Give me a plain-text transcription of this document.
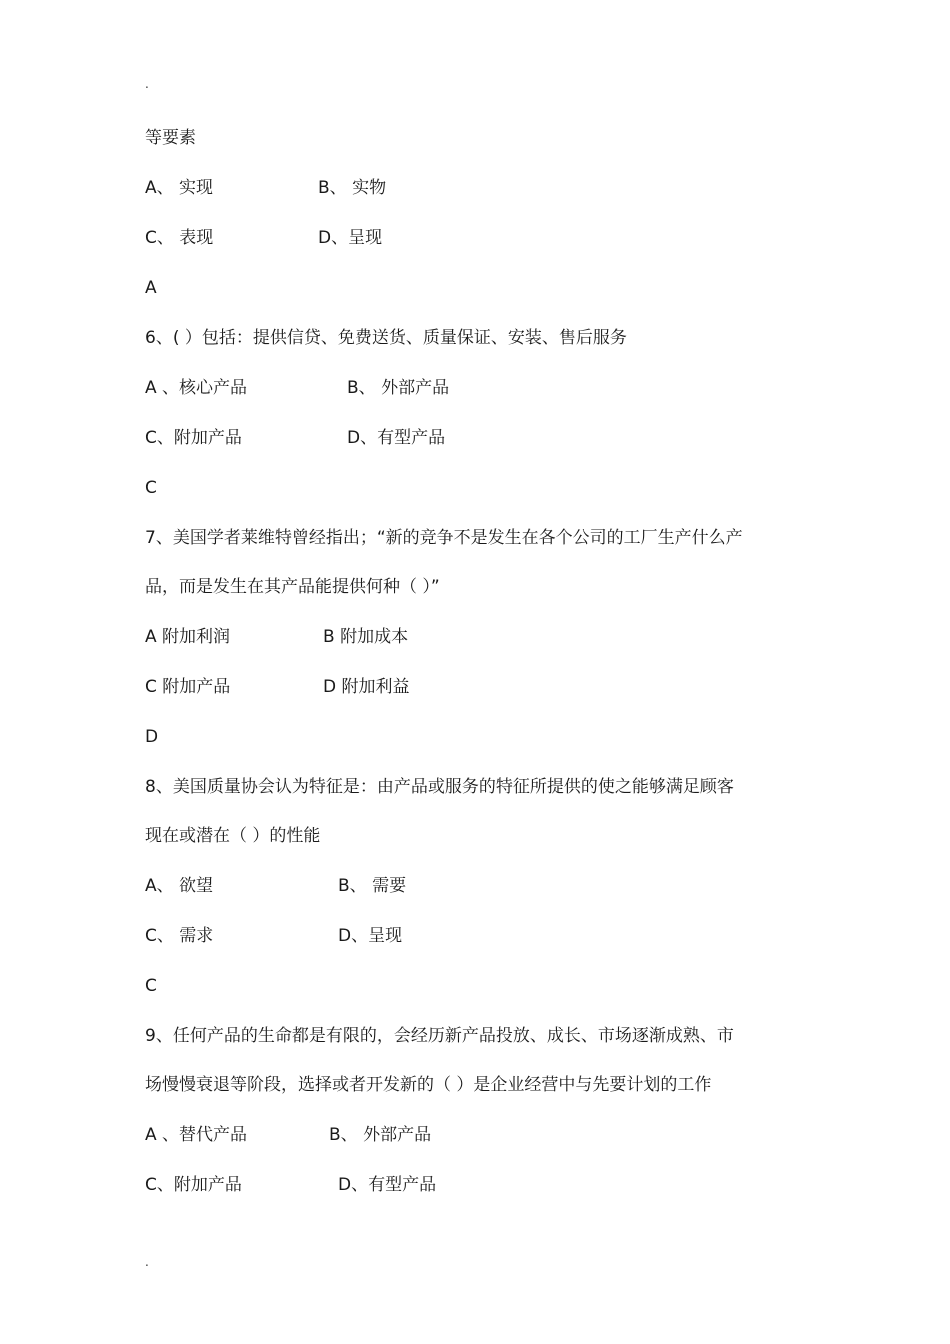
.
等要素
A、 实现	B、 实物
C、 表现	D、呈现
A
6、( ）包括：提供信贷、免费送货、质量保证、安装、售后服务
A 、核心产品	B、 外部产品
C、附加产品	D、有型产品
C
7、美国学者莱维特曾经指出；“新的竞争不是发生在各个公司的工厂生产什么产
品，而是发生在其产品能提供何种（ ）”
A 附加利润	B 附加成本
C 附加产品	D 附加利益
D
8、美国质量协会认为特征是：由产品或服务的特征所提供的使之能够满足顾客
现在或潜在（ ）的性能
A、 欲望	B、 需要
C、 需求	D、呈现
C
9、任何产品的生命都是有限的，会经历新产品投放、成长、市场逐渐成熟、市
场慢慢衰退等阶段，选择或者开发新的（ ）是企业经营中与先要计划的工作
A 、替代产品	B、 外部产品
C、附加产品	D、有型产品
.
